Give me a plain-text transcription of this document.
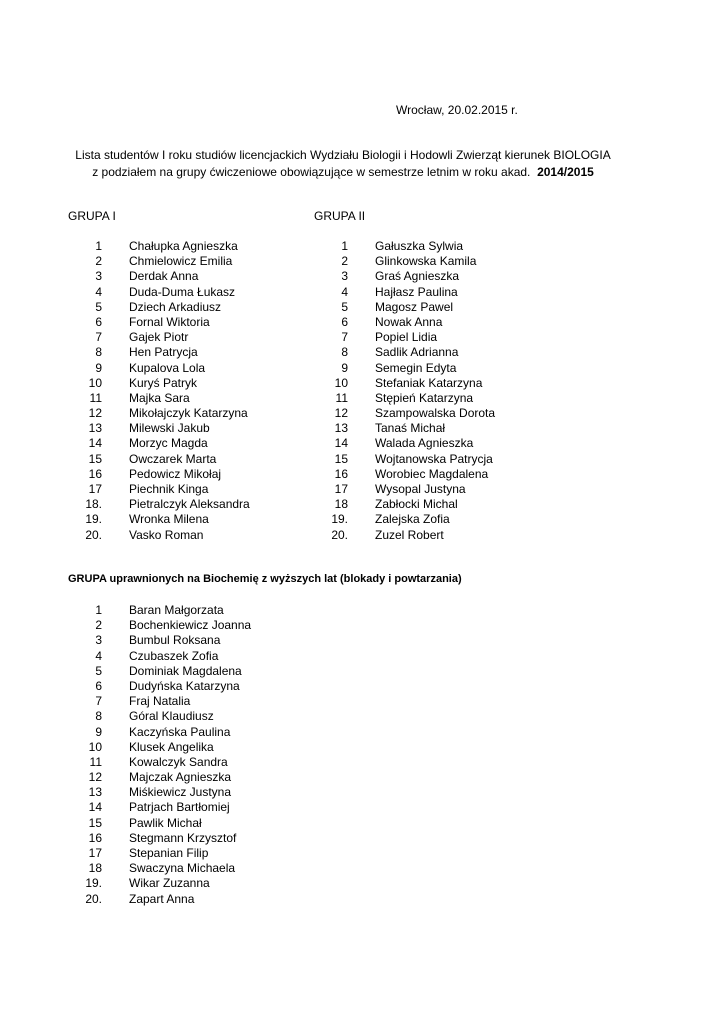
Wrocław, 20.02.2015 r.
Lista studentów I roku studiów licencjackich Wydziału Biologii i Hodowli Zwierząt kierunek BIOLOGIA
z podziałem na grupy ćwiczeniowe obowiązujące w semestrze letnim w roku akad. 2014/2015
GRUPA I	GRUPA II
GRUPA uprawnionych na Biochemię z wyższych lat (blokady i powtarzania)
1 Chałupka Agnieszka
2 Chmielowicz Emilia
3 Derdak Anna
4 Duda-Duma Łukasz
5 Dziech Arkadiusz
6 Fornal Wiktoria
7 Gajek Piotr
8 Hen Patrycja
9 Kupalova Lola
10 Kuryś Patryk
11 Majka Sara
12 Mikołajczyk Katarzyna
13 Milewski Jakub
14 Morzyc Magda
15 Owczarek Marta
16 Pedowicz Mikołaj
17 Piechnik Kinga
18. Pietralczyk Aleksandra
19. Wronka Milena
20. Vasko Roman
1 Gałuszka Sylwia
2 Glinkowska Kamila
3 Graś Agnieszka
4 Hajłasz Paulina
5 Magosz Pawel
6 Nowak Anna
7 Popiel Lidia
8 Sadlik Adrianna
9 Semegin Edyta
10 Stefaniak Katarzyna
11 Stępień Katarzyna
12 Szampowalska Dorota
13 Tanaś Michał
14 Walada Agnieszka
15 Wojtanowska Patrycja
16 Worobiec Magdalena
17 Wysopal Justyna
18 Zabłocki Michal
19. Zalejska Zofia
20. Zuzel Robert
1 Baran Małgorzata
2 Bochenkiewicz Joanna
3 Bumbul Roksana
4 Czubaszek Zofia
5 Dominiak Magdalena
6 Dudyńska Katarzyna
7 Fraj Natalia
8 Góral Klaudiusz
9 Kaczyńska Paulina
10 Klusek Angelika
11 Kowalczyk Sandra
12 Majczak Agnieszka
13 Miśkiewicz Justyna
14 Patrjach Bartłomiej
15 Pawlik Michał
16 Stegmann Krzysztof
17 Stepanian Filip
18 Swaczyna Michaela
19. Wikar Zuzanna
20. Zapart Anna
